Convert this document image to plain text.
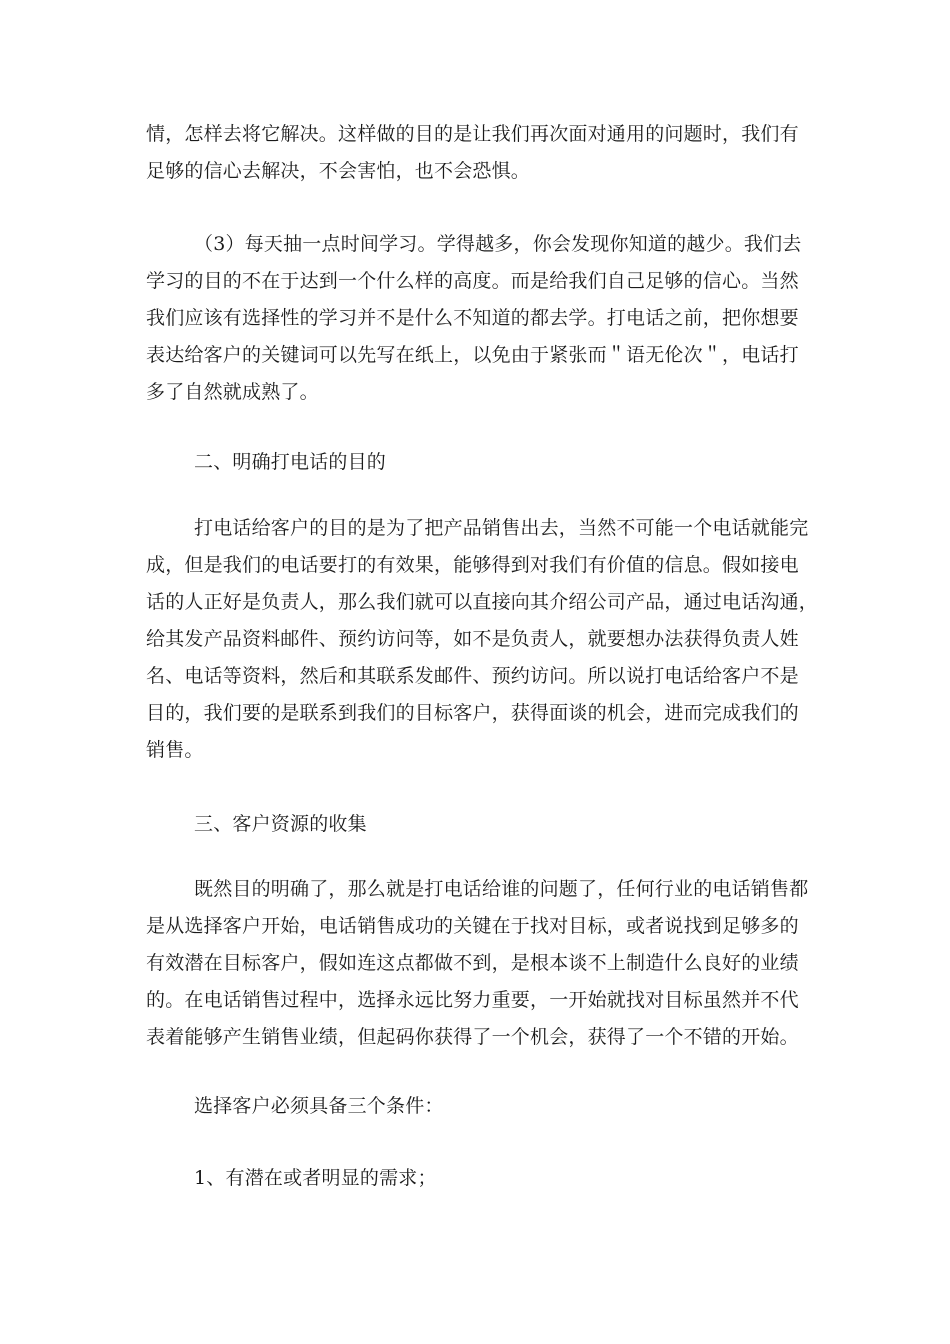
情，怎样去将它解决。这样做的目的是让我们再次面对通用的问题时，我们有
足够的信心去解决，不会害怕，也不会恐惧。
（3）每天抽一点时间学习。学得越多，你会发现你知道的越少。我们去
学习的目的不在于达到一个什么样的高度。而是给我们自己足够的信心。当然
我们应该有选择性的学习并不是什么不知道的都去学。打电话之前，把你想要
表达给客户的关键词可以先写在纸上，以免由于紧张而＂语无伦次＂，电话打
多了自然就成熟了。
二、明确打电话的目的
打电话给客户的目的是为了把产品销售出去，当然不可能一个电话就能完
成，但是我们的电话要打的有效果，能够得到对我们有价值的信息。假如接电
话的人正好是负责人，那么我们就可以直接向其介绍公司产品，通过电话沟通，
给其发产品资料邮件、预约访问等，如不是负责人，就要想办法获得负责人姓
名、电话等资料，然后和其联系发邮件、预约访问。所以说打电话给客户不是
目的，我们要的是联系到我们的目标客户，获得面谈的机会，进而完成我们的
销售。
三、客户资源的收集
既然目的明确了，那么就是打电话给谁的问题了，任何行业的电话销售都
是从选择客户开始，电话销售成功的关键在于找对目标，或者说找到足够多的
有效潜在目标客户，假如连这点都做不到，是根本谈不上制造什么良好的业绩
的。在电话销售过程中，选择永远比努力重要，一开始就找对目标虽然并不代
表着能够产生销售业绩，但起码你获得了一个机会，获得了一个不错的开始。
选择客户必须具备三个条件：
1、有潜在或者明显的需求；
